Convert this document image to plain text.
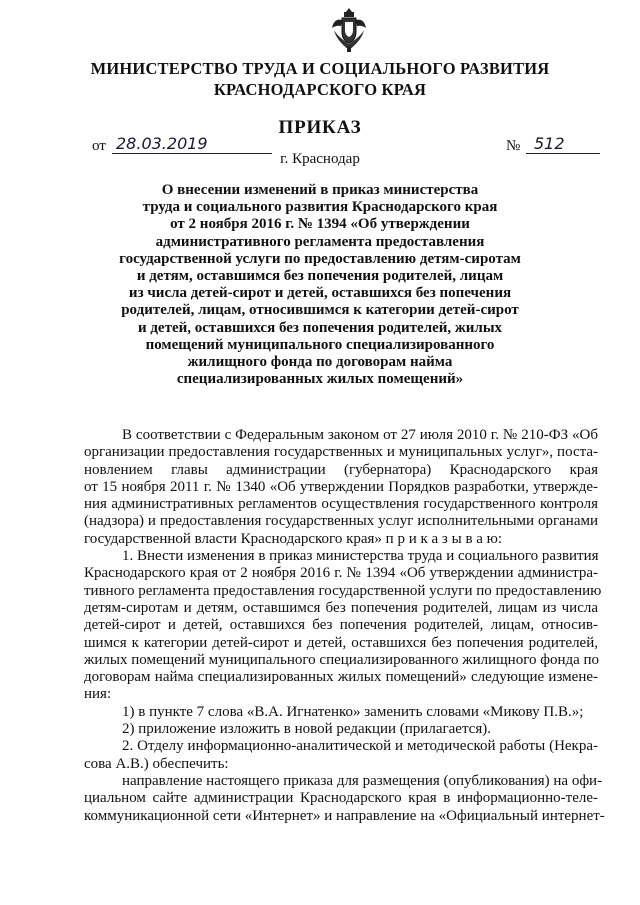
МИНИСТЕРСТВО ТРУДА И СОЦИАЛЬНОГО РАЗВИТИЯ

КРАСНОДАРСКОГО КРАЯ

ПРИКАЗ

от 28.03.2019	№ 512

г. Краснодар

О внесении изменений в приказ министерства
труда и социального развития Краснодарского края
от 2 ноября 2016 г. № 1394 «Об утверждении
административного регламента предоставления
государственной услуги по предоставлению детям-сиротам
и детям, оставшимся без попечения родителей, лицам
из числа детей-сирот и детей, оставшихся без попечения
родителей, лицам, относившимся к категории детей-сирот
и детей, оставшихся без попечения родителей, жилых
помещений муниципального специализированного
жилищного фонда по договорам найма
специализированных жилых помещений»
В соответствии с Федеральным законом от 27 июля 2010 г. № 210-ФЗ «Об
организации предоставления государственных и муниципальных услуг», поста-
новлением главы администрации (губернатора) Краснодарского края
от 15 ноября 2011 г. № 1340 «Об утверждении Порядков разработки, утвержде-
ния административных регламентов осуществления государственного контроля
(надзора) и предоставления государственных услуг исполнительными органами
государственной власти Краснодарского края» п р и к а з ы в а ю:
1. Внести изменения в приказ министерства труда и социального развития
Краснодарского края от 2 ноября 2016 г. № 1394 «Об утверждении администра-
тивного регламента предоставления государственной услуги по предоставлению
детям-сиротам и детям, оставшимся без попечения родителей, лицам из числа
детей-сирот и детей, оставшихся без попечения родителей, лицам, относив-
шимся к категории детей-сирот и детей, оставшихся без попечения родителей,
жилых помещений муниципального специализированного жилищного фонда по
договорам найма специализированных жилых помещений» следующие измене-
ния:
1) в пункте 7 слова «В.А. Игнатенко» заменить словами «Микову П.В.»;
2) приложение изложить в новой редакции (прилагается).
2. Отделу информационно-аналитической и методической работы (Некра-
сова А.В.) обеспечить:
направление настоящего приказа для размещения (опубликования) на офи-
циальном сайте администрации Краснодарского края в информационно-теле-
коммуникационной сети «Интернет» и направление на «Официальный интернет-
